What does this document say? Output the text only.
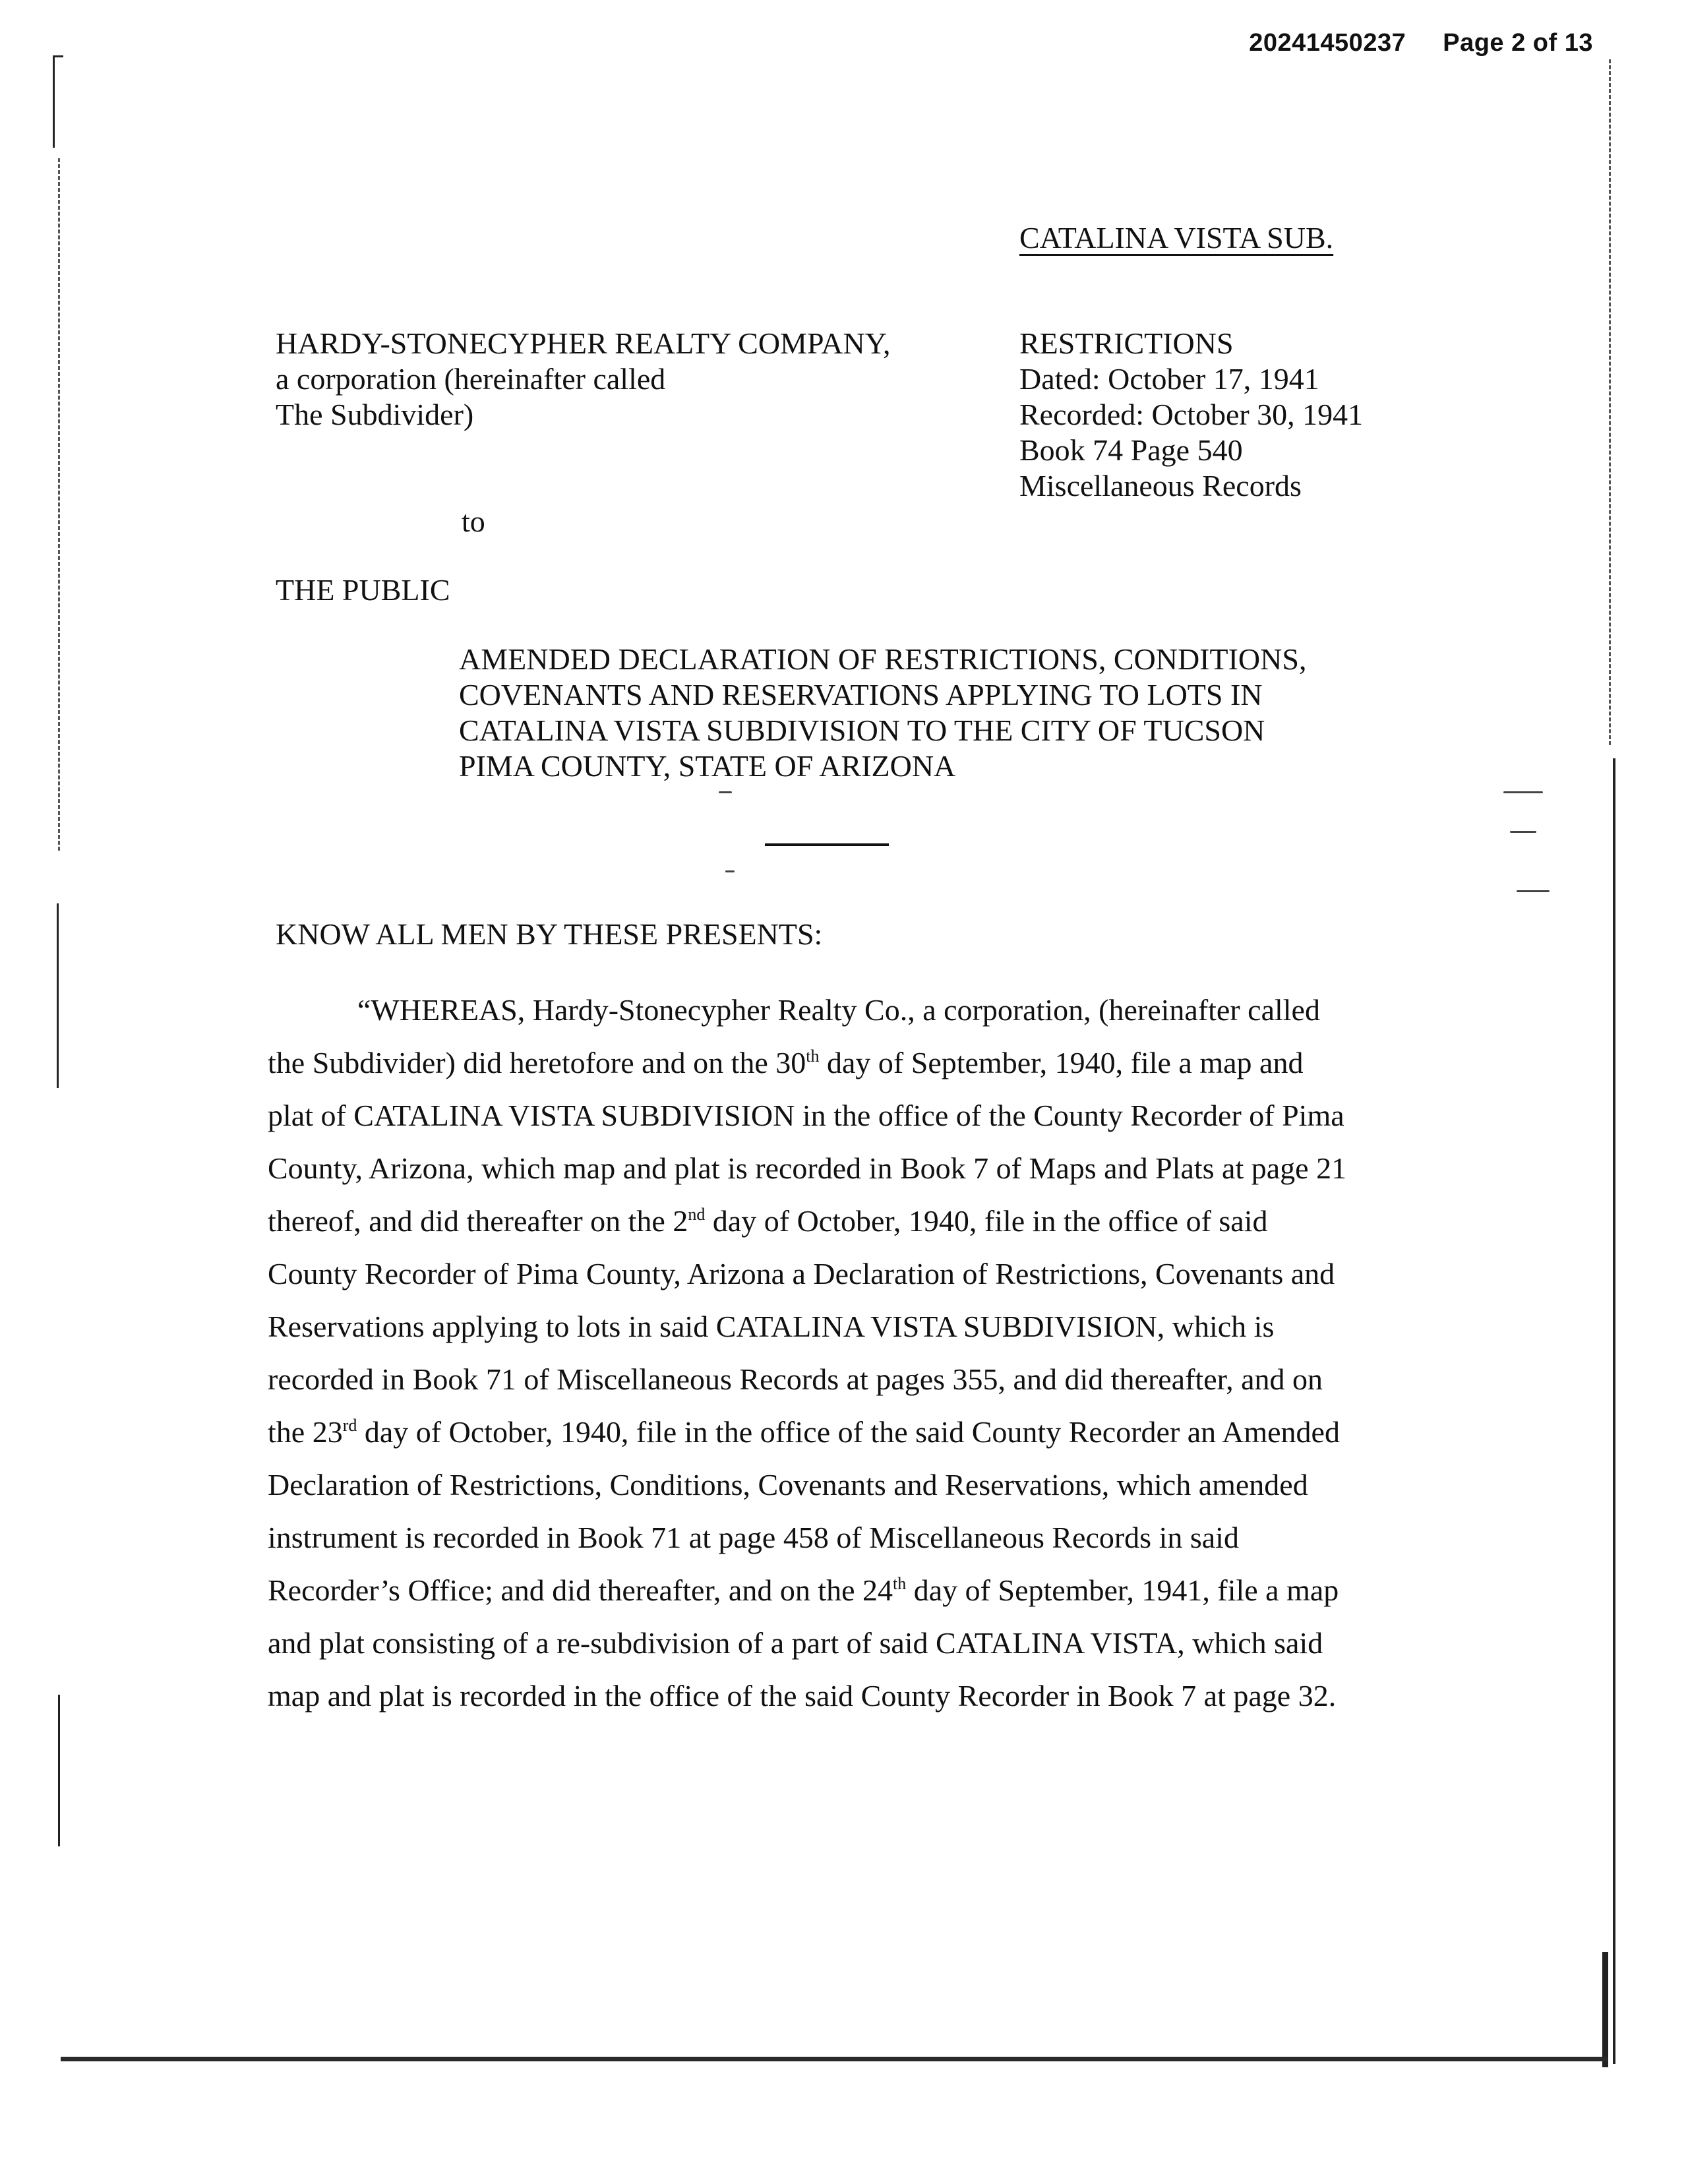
20241450237 Page 2 of 13
CATALINA VISTA SUB.
HARDY-STONECYPHER REALTY COMPANY,
a corporation (hereinafter called
The Subdivider)
RESTRICTIONS
Dated: October 17, 1941
Recorded: October 30, 1941
Book 74 Page 540
Miscellaneous Records
to
THE PUBLIC
AMENDED DECLARATION OF RESTRICTIONS, CONDITIONS,
COVENANTS AND RESERVATIONS APPLYING TO LOTS IN
CATALINA VISTA SUBDIVISION TO THE CITY OF TUCSON
PIMA COUNTY, STATE OF ARIZONA
KNOW ALL MEN BY THESE PRESENTS:
“WHEREAS, Hardy-Stonecypher Realty Co., a corporation, (hereinafter called
the Subdivider) did heretofore and on the 30th day of September, 1940, file a map and
plat of CATALINA VISTA SUBDIVISION in the office of the County Recorder of Pima
County, Arizona, which map and plat is recorded in Book 7 of Maps and Plats at page 21
thereof, and did thereafter on the 2nd day of October, 1940, file in the office of said
County Recorder of Pima County, Arizona a Declaration of Restrictions, Covenants and
Reservations applying to lots in said CATALINA VISTA SUBDIVISION, which is
recorded in Book 71 of Miscellaneous Records at pages 355, and did thereafter, and on
the 23rd day of October, 1940, file in the office of the said County Recorder an Amended
Declaration of Restrictions, Conditions, Covenants and Reservations, which amended
instrument is recorded in Book 71 at page 458 of Miscellaneous Records in said
Recorder’s Office; and did thereafter, and on the 24th day of September, 1941, file a map
and plat consisting of a re-subdivision of a part of said CATALINA VISTA, which said
map and plat is recorded in the office of the said County Recorder in Book 7 at page 32.
